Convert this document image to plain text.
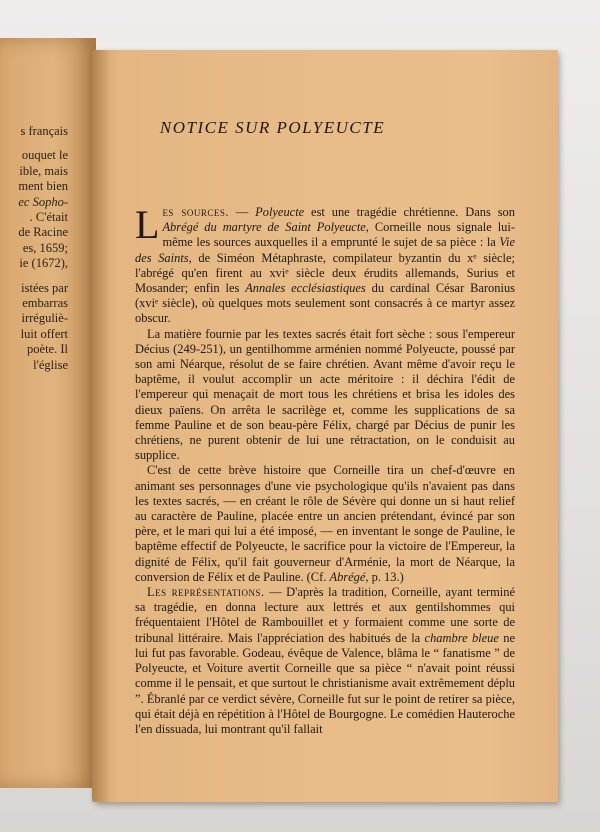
s français
ouquet le
ible, mais
ment bien
ec Sopho-
. C'était
de Racine
es, 1659;
ie (1672),
istées par
embarras
irréguliè-
luit offert
poète. Il
l'église
NOTICE SUR POLYEUCTE

Les sources. — Polyeucte est une tragédie chrétienne. Dans son Abrégé du martyre de Saint Polyeucte, Corneille nous signale lui-même les sources auxquelles il a emprunté le sujet de sa pièce : la Vie des Saints, de Siméon Métaphraste, compilateur byzantin du xᵉ siècle; l'abrégé qu'en firent au xviᵉ siècle deux érudits allemands, Surius et Mosander; enfin les Annales ecclésiastiques du cardinal César Baronius (xviᵉ siècle), où quelques mots seulement sont consacrés à ce martyr assez obscur.

La matière fournie par les textes sacrés était fort sèche : sous l'empereur Décius (249-251), un gentilhomme arménien nommé Polyeucte, poussé par son ami Néarque, résolut de se faire chrétien. Avant même d'avoir reçu le baptême, il voulut accomplir un acte méritoire : il déchira l'édit de l'empereur qui menaçait de mort tous les chrétiens et brisa les idoles des dieux païens. On arrêta le sacrilège et, comme les supplications de sa femme Pauline et de son beau-père Félix, chargé par Décius de punir les chrétiens, ne purent obtenir de lui une rétractation, on le conduisit au supplice.

C'est de cette brève histoire que Corneille tira un chef-d'œuvre en animant ses personnages d'une vie psychologique qu'ils n'avaient pas dans les textes sacrés, — en créant le rôle de Sévère qui donne un si haut relief au caractère de Pauline, placée entre un ancien prétendant, évincé par son père, et le mari qui lui a été imposé, — en inventant le songe de Pauline, le baptême effectif de Polyeucte, le sacrifice pour la victoire de l'Empereur, la dignité de Félix, qu'il fait gouverneur d'Arménie, la mort de Néarque, la conversion de Félix et de Pauline. (Cf. Abrégé, p. 13.)

Les représentations. — D'après la tradition, Corneille, ayant terminé sa tragédie, en donna lecture aux lettrés et aux gentilshommes qui fréquentaient l'Hôtel de Rambouillet et y formaient comme une sorte de tribunal littéraire. Mais l'appréciation des habitués de la chambre bleue ne lui fut pas favorable. Godeau, évêque de Valence, blâma le “ fanatisme ” de Polyeucte, et Voiture avertit Corneille que sa pièce “ n'avait point réussi comme il le pensait, et que surtout le christianisme avait extrêmement déplu ”. Ébranlé par ce verdict sévère, Corneille fut sur le point de retirer sa pièce, qui était déjà en répétition à l'Hôtel de Bourgogne. Le comédien Hauteroche l'en dissuada, lui montrant qu'il fallait
